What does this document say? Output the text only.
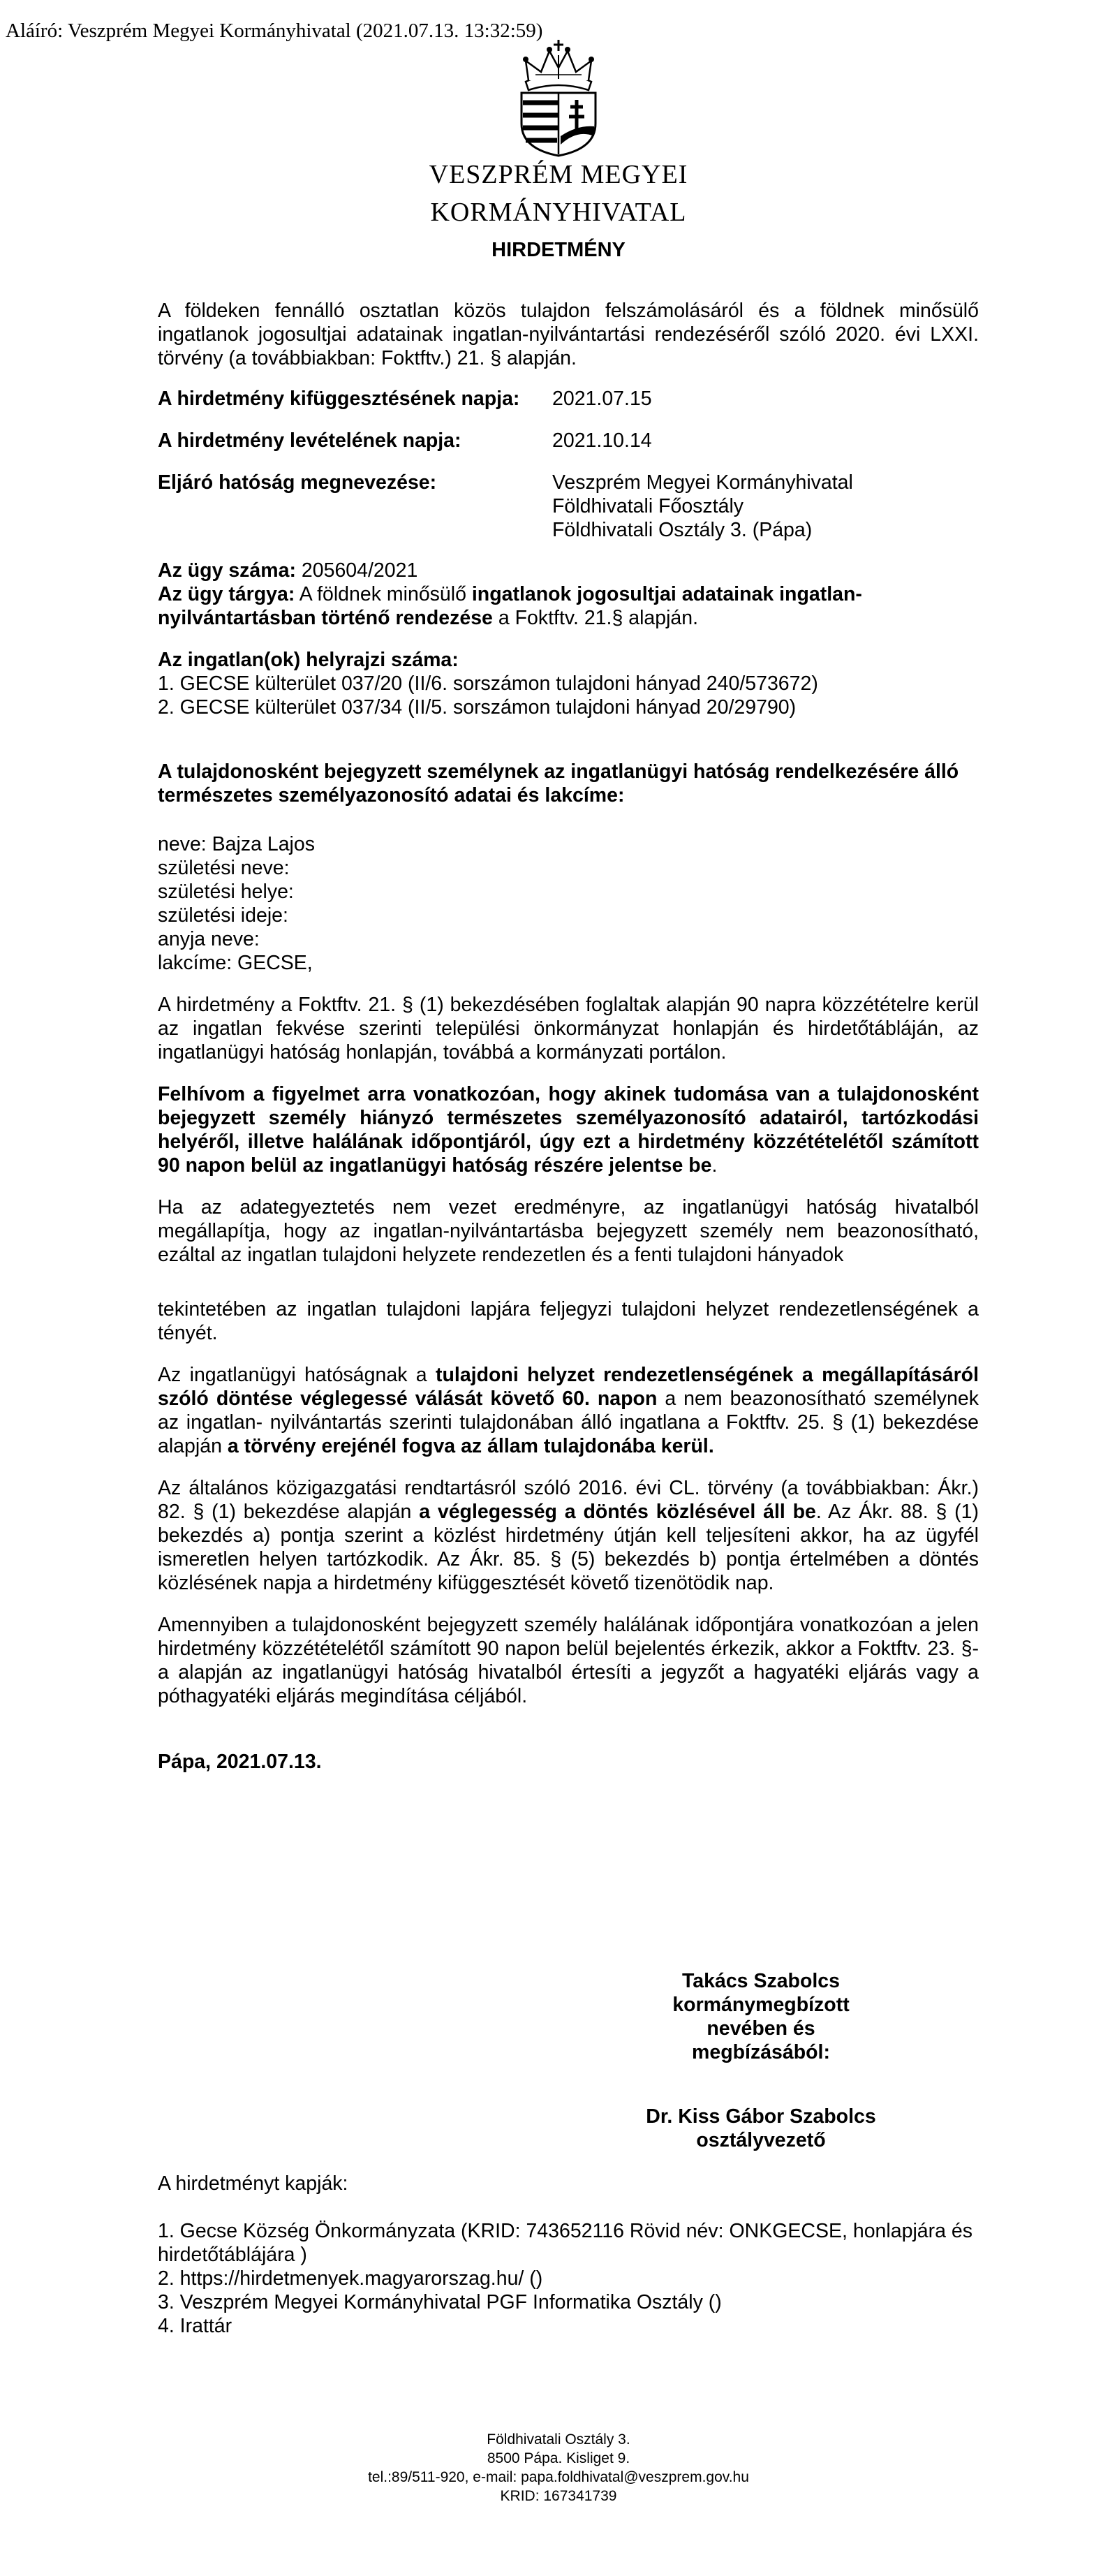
Aláíró: Veszprém Megyei Kormányhivatal (2021.07.13. 13:32:59)
VESZPRÉM MEGYEI
KORMÁNYHIVATAL
HIRDETMÉNY

A földeken fennálló osztatlan közös tulajdon felszámolásáról és a földnek minősülő ingatlanok jogosultjai adatainak ingatlan-nyilvántartási rendezéséről szóló 2020. évi LXXI. törvény (a továbbiakban: Foktftv.) 21. § alapján.

A hirdetmény kifüggesztésének napja:	2021.07.15
A hirdetmény levételének napja:	2021.10.14
Eljáró hatóság megnevezése:	Veszprém Megyei Kormányhivatal
Földhivatali Főosztály
Földhivatali Osztály 3. (Pápa)

Az ügy száma: 205604/2021

Az ügy tárgya: A földnek minősülő ingatlanok jogosultjai adatainak ingatlan-nyilvántartásban történő rendezése a Foktftv. 21.§ alapján.

Az ingatlan(ok) helyrajzi száma:

1. GECSE külterület 037/20 (II/6. sorszámon tulajdoni hányad 240/573672)

2. GECSE külterület 037/34 (II/5. sorszámon tulajdoni hányad 20/29790)

A tulajdonosként bejegyzett személynek az ingatlanügyi hatóság rendelkezésére álló természetes személyazonosító adatai és lakcíme:

neve: Bajza Lajos
születési neve:
születési helye:
születési ideje:
anyja neve:
lakcíme: GECSE,

A hirdetmény a Foktftv. 21. § (1) bekezdésében foglaltak alapján 90 napra közzétételre kerül az ingatlan fekvése szerinti települési önkormányzat honlapján és hirdetőtábláján, az ingatlanügyi hatóság honlapján, továbbá a kormányzati portálon.

Felhívom a figyelmet arra vonatkozóan, hogy akinek tudomása van a tulajdonosként bejegyzett személy hiányzó természetes személyazonosító adatairól, tartózkodási helyéről, illetve halálának időpontjáról, úgy ezt a hirdetmény közzétételétől számított 90 napon belül az ingatlanügyi hatóság részére jelentse be.

Ha az adategyeztetés nem vezet eredményre, az ingatlanügyi hatóság hivatalból megállapítja, hogy az ingatlan-nyilvántartásba bejegyzett személy nem beazonosítható, ezáltal az ingatlan tulajdoni helyzete rendezetlen és a fenti tulajdoni hányadok

tekintetében az ingatlan tulajdoni lapjára feljegyzi tulajdoni helyzet rendezetlenségének a tényét.

Az ingatlanügyi hatóságnak a tulajdoni helyzet rendezetlenségének a megállapításáról szóló döntése véglegessé válását követő 60. napon a nem beazonosítható személynek az ingatlan- nyilvántartás szerinti tulajdonában álló ingatlana a Foktftv. 25. § (1) bekezdése alapján a törvény erejénél fogva az állam tulajdonába kerül.

Az általános közigazgatási rendtartásról szóló 2016. évi CL. törvény (a továbbiakban: Ákr.) 82. § (1) bekezdése alapján a véglegesség a döntés közlésével áll be. Az Ákr. 88. § (1) bekezdés a) pontja szerint a közlést hirdetmény útján kell teljesíteni akkor, ha az ügyfél ismeretlen helyen tartózkodik. Az Ákr. 85. § (5) bekezdés b) pontja értelmében a döntés közlésének napja a hirdetmény kifüggesztését követő tizenötödik nap.

Amennyiben a tulajdonosként bejegyzett személy halálának időpontjára vonatkozóan a jelen hirdetmény közzétételétől számított 90 napon belül bejelentés érkezik, akkor a Foktftv. 23. §-a alapján az ingatlanügyi hatóság hivatalból értesíti a jegyzőt a hagyatéki eljárás vagy a póthagyatéki eljárás megindítása céljából.

Pápa, 2021.07.13.

Takács Szabolcs
kormánymegbízott
nevében és
megbízásából:
Dr. Kiss Gábor Szabolcs
osztályvezető

A hirdetményt kapják:

1. Gecse Község Önkormányzata (KRID: 743652116 Rövid név: ONKGECSE, honlapjára és hirdetőtáblájára )

2. https://hirdetmenyek.magyarorszag.hu/ ()

3. Veszprém Megyei Kormányhivatal PGF Informatika Osztály ()

4. Irattár

Földhivatali Osztály 3.
8500 Pápa. Kisliget 9.
tel.:89/511-920, e-mail: papa.foldhivatal@veszprem.gov.hu
KRID: 167341739
